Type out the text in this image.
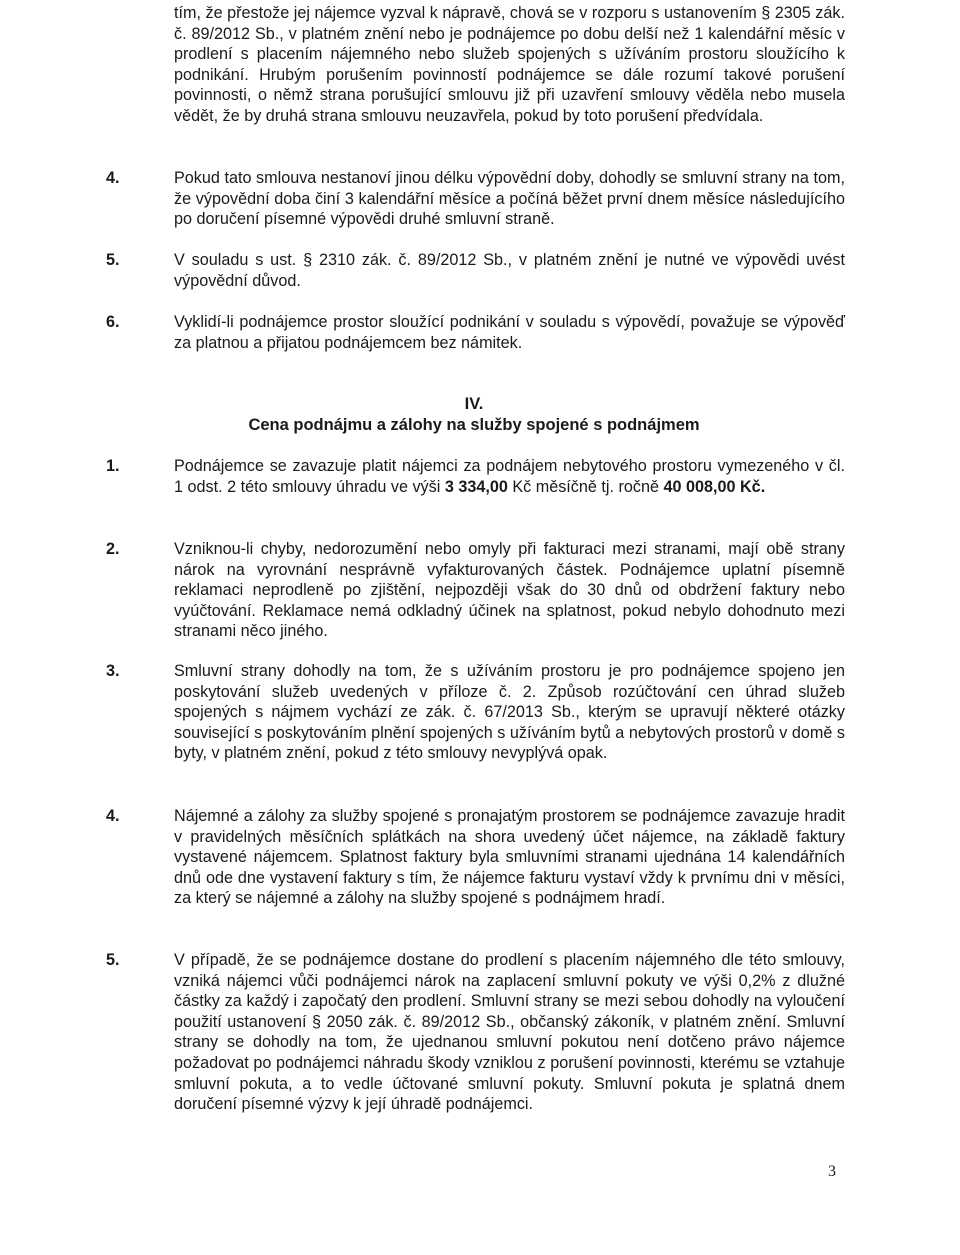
tím, že přestože jej nájemce vyzval k nápravě, chová se v rozporu s ustanovením § 2305 zák. č. 89/2012 Sb., v platném znění nebo je podnájemce po dobu delší než 1 kalendářní měsíc v prodlení s placením nájemného nebo služeb spojených s užíváním prostoru sloužícího k podnikání. Hrubým porušením povinností podnájemce se dále rozumí takové porušení povinnosti, o němž strana porušující smlouvu již při uzavření smlouvy věděla nebo musela vědět, že by druhá strana smlouvu neuzavřela, pokud by toto porušení předvídala.

4.	Pokud tato smlouva nestanoví jinou délku výpovědní doby, dohodly se smluvní strany na tom, že výpovědní doba činí 3 kalendářní měsíce a počíná běžet první dnem měsíce následujícího po doručení písemné výpovědi druhé smluvní straně.

5.	V souladu s ust. § 2310 zák. č. 89/2012 Sb., v platném znění je nutné ve výpovědi uvést výpovědní důvod.

6.	Vyklidí-li podnájemce prostor sloužící podnikání v souladu s výpovědí, považuje se výpověď za platnou a přijatou podnájemcem bez námitek.

IV.
Cena podnájmu a zálohy na služby spojené s podnájmem
1.	Podnájemce se zavazuje platit nájemci za podnájem nebytového prostoru vymezeného v čl. 1 odst. 2 této smlouvy úhradu ve výši 3 334,00 Kč měsíčně tj. ročně 40 008,00 Kč.

2.	Vzniknou-li chyby, nedorozumění nebo omyly při fakturaci mezi stranami, mají obě strany nárok na vyrovnání nesprávně vyfakturovaných částek. Podnájemce uplatní písemně reklamaci neprodleně po zjištění, nejpozději však do 30 dnů od obdržení faktury nebo vyúčtování. Reklamace nemá odkladný účinek na splatnost, pokud nebylo dohodnuto mezi stranami něco jiného.

3.	Smluvní strany dohodly na tom, že s užíváním prostoru je pro podnájemce spojeno jen poskytování služeb uvedených v příloze č. 2. Způsob rozúčtování cen úhrad služeb spojených s nájmem vychází ze zák. č. 67/2013 Sb., kterým se upravují některé otázky související s poskytováním plnění spojených s užíváním bytů a nebytových prostorů v domě s byty, v platném znění, pokud z této smlouvy nevyplývá opak.

4.	Nájemné a zálohy za služby spojené s pronajatým prostorem se podnájemce zavazuje hradit v pravidelných měsíčních splátkách na shora uvedený účet nájemce, na základě faktury vystavené nájemcem. Splatnost faktury byla smluvními stranami ujednána 14 kalendářních dnů ode dne vystavení faktury s tím, že nájemce fakturu vystaví vždy k prvnímu dni v měsíci, za který se nájemné a zálohy na služby spojené s podnájmem hradí.

5.	V případě, že se podnájemce dostane do prodlení s placením nájemného dle této smlouvy, vzniká nájemci vůči podnájemci nárok na zaplacení smluvní pokuty ve výši 0,2% z dlužné částky za každý i započatý den prodlení. Smluvní strany se mezi sebou dohodly na vyloučení použití ustanovení § 2050 zák. č. 89/2012 Sb., občanský zákoník, v platném znění. Smluvní strany se dohodly na tom, že ujednanou smluvní pokutou není dotčeno právo nájemce požadovat po podnájemci náhradu škody vzniklou z porušení povinnosti, kterému se vztahuje smluvní pokuta, a to vedle účtované smluvní pokuty. Smluvní pokuta je splatná dnem doručení písemné výzvy k její úhradě podnájemci.

3
